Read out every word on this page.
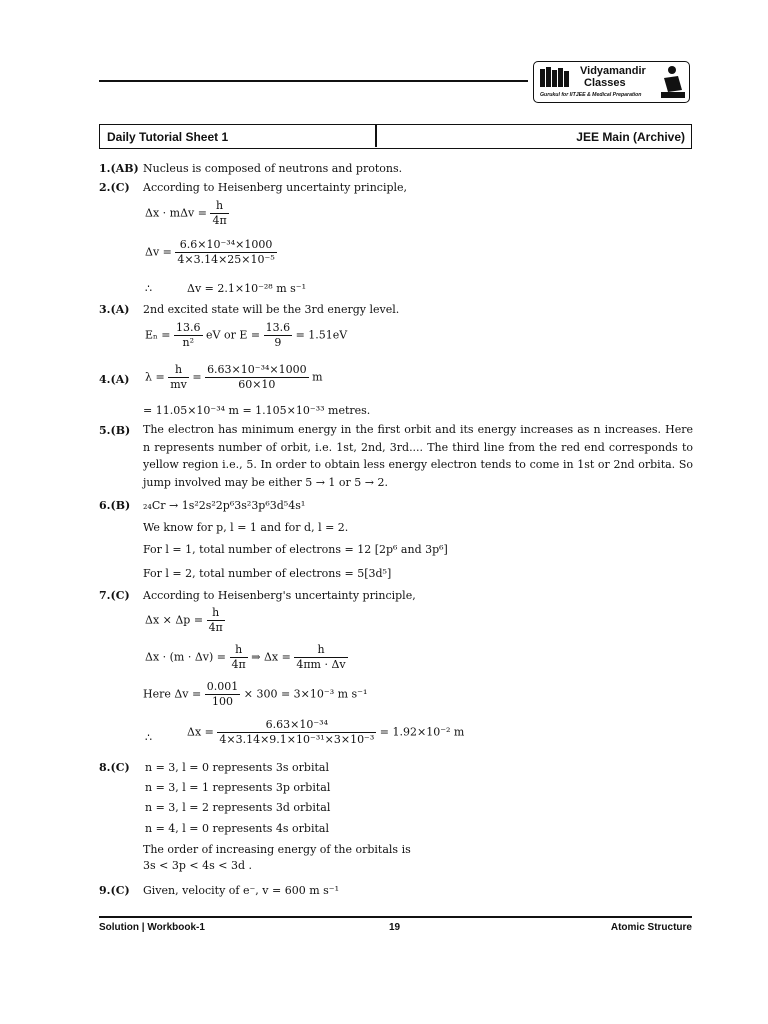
Vidyamandir
Classes
Gurukul for IITJEE & Medical Preparation
Daily Tutorial Sheet 1	JEE Main (Archive)
1.(AB) Nucleus is composed of neutrons and protons.
2.(C) According to Heisenberg uncertainty principle,
$\Delta x \cdot m\Delta v = \frac{h}{4\pi}$
$\Delta v = \frac{\text{6.6×10⁻³⁴×1000}}{\text{4×3.14×25×10⁻⁵}}$
∴	Δv = 2.1×10⁻²⁸ m s⁻¹
3.(A) 2nd excited state will be the 3rd energy level.
$E_n = \frac{13.6}{\text{n²}}$ eV or $E = \frac{13.6}{9} = 1.51eV$
4.(A) $\lambda = \frac{h}{mv} = \frac{\text{6.63×10⁻³⁴×1000}}{60\times 10}$ m
= 11.05×10⁻³⁴ m = 1.105×10⁻³³ metres.
5.(B) The electron has minimum energy in the first orbit and its energy increases as n increases. Here n represents number of orbit, i.e. 1st, 2nd, 3rd.... The third line from the red end corresponds to yellow region i.e., 5. In order to obtain less energy electron tends to come in 1st or 2nd orbita. So jump involved may be either 5 → 1 or 5 → 2.
6.(B) ₂₄Cr → 1s²2s²2p⁶3s²3p⁶3d⁵4s¹
We know for p, l = 1 and for d, l = 2.
For l = 1, total number of electrons = 12 [2p⁶ and 3p⁶]
For l = 2, total number of electrons = 5[3d⁵]
7.(C) According to Heisenberg's uncertainty principle,
$\Delta x \times \Delta p = \frac{h}{4\pi}$
$\Delta x \cdot (m \cdot \Delta v) = \frac{h}{4\pi}$ ⇒ $\Delta x = \frac{h}{4\pi m \cdot \Delta v}$
Here $\Delta v = \frac{0.001}{100} \times 300 = 3\times 10^{-3}$ m s⁻¹
∴	$\Delta x = \frac{\text{6.63×10⁻³⁴}}{\text{4×3.14×9.1×10⁻³¹×3×10⁻³}} = 1.92\times 10^{-2}$ m
8.(C) n = 3, l = 0 represents 3s orbital
n = 3, l = 1 represents 3p orbital
n = 3, l = 2 represents 3d orbital
n = 4, l = 0 represents 4s orbital
The order of increasing energy of the orbitals is
3s < 3p < 4s < 3d .
9.(C) Given, velocity of e⁻, v = 600 m s⁻¹
Solution | Workbook-1	19	Atomic Structure
